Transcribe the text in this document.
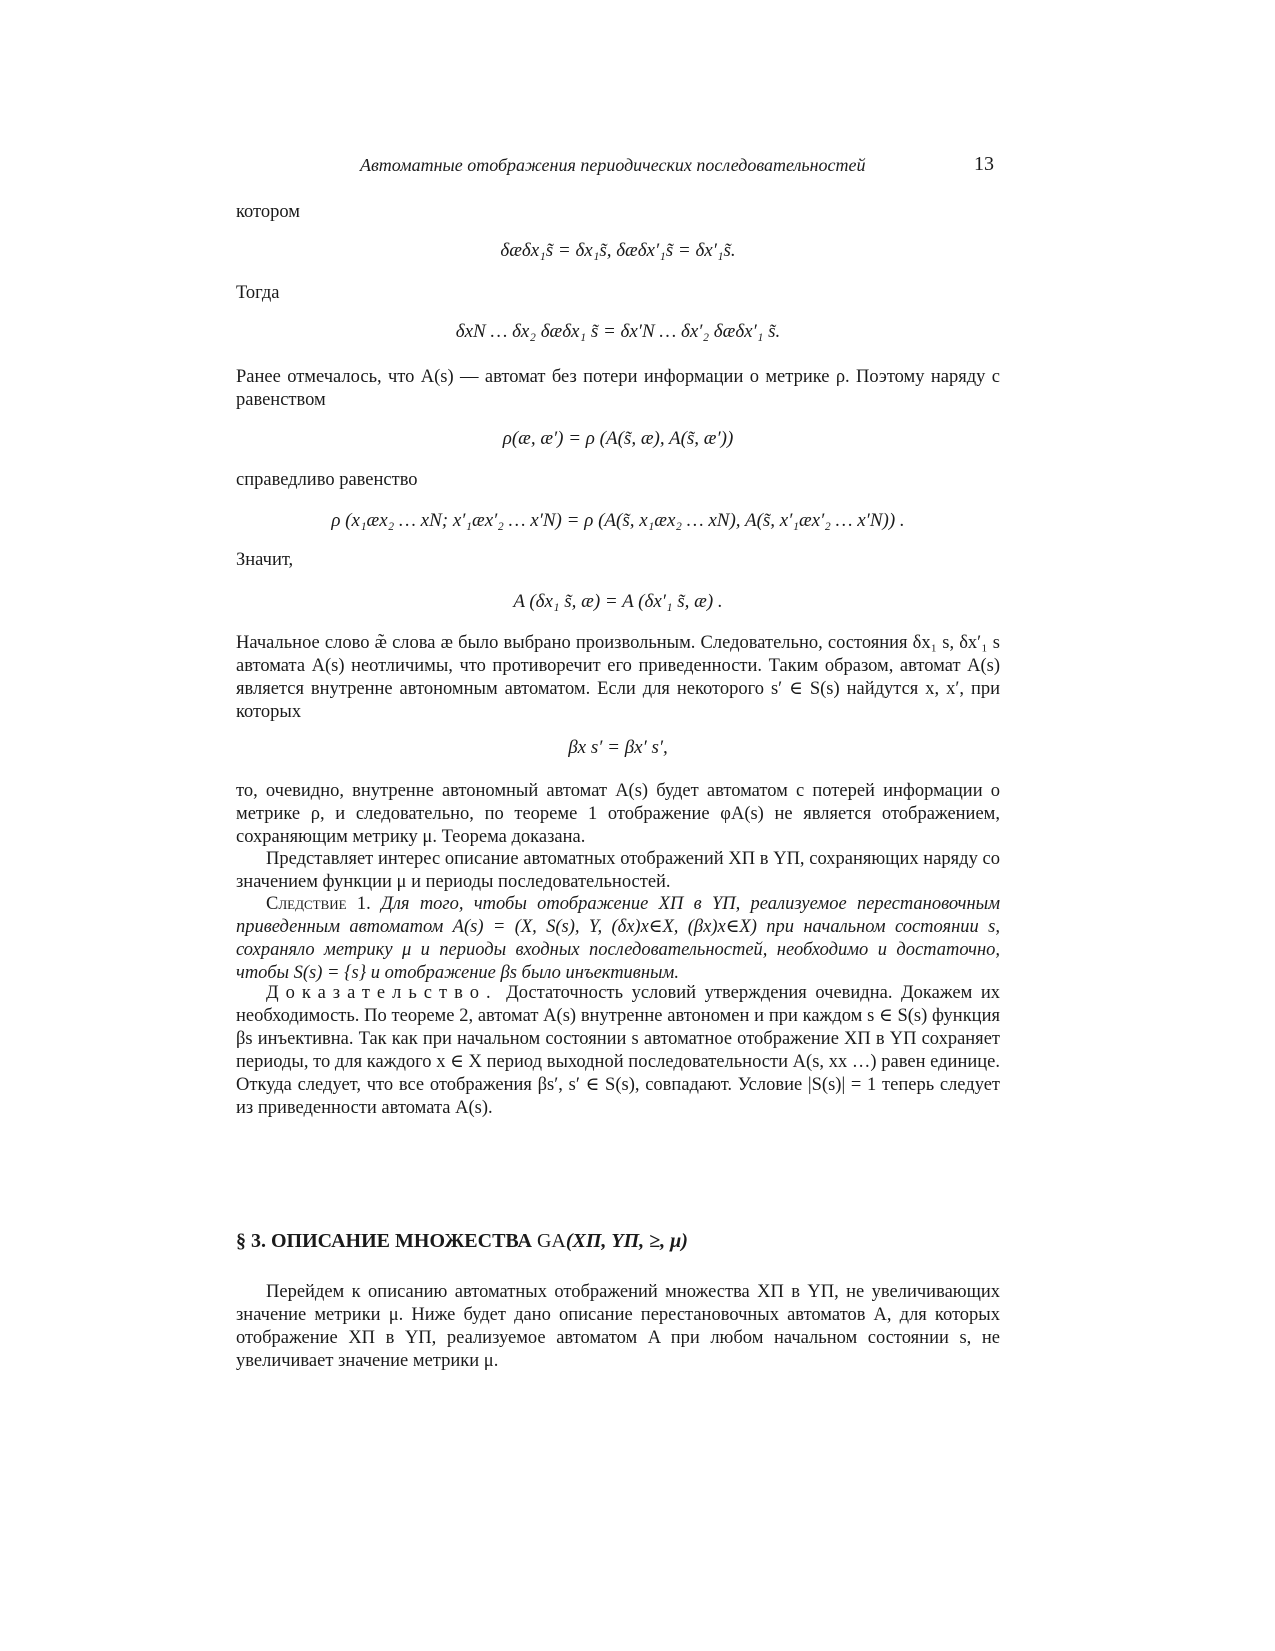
Автоматные отображения периодических последовательностей	13
котором
δæδx₁s̃ = δx₁s̃, δæδx′₁s̃ = δx′₁s̃.
Тогда
δxN … δx₂ δæδx₁ s̃ = δx′N … δx′₂ δæδx′₁ s̃.
Ранее отмечалось, что A(s) — автомат без потери информации о метрике ρ. Поэтому наряду с равенством
ρ(æ, æ′) = ρ (A(s̃, æ), A(s̃, æ′))
справедливо равенство
ρ (x₁æx₂ … xN; x′₁æx′₂ … x′N) = ρ (A(s̃, x₁æx₂ … xN), A(s̃, x′₁æx′₂ … x′N)) .
Значит,
A (δx₁ s̃, æ) = A (δx′₁ s̃, æ) .
Начальное слово æ̃ слова æ было выбрано произвольным. Следовательно, состояния δx₁ s, δx′₁ s автомата A(s) неотличимы, что противоречит его приведенности. Таким образом, автомат A(s) является внутренне автономным автоматом. Если для некоторого s′ ∈ S(s) найдутся x, x′, при которых
βx s′ = βx′ s′,
то, очевидно, внутренне автономный автомат A(s) будет автоматом с потерей информации о метрике ρ, и следовательно, по теореме 1 отображение φA(s) не является отображением, сохраняющим метрику μ. Теорема доказана.
Представляет интерес описание автоматных отображений XΠ в YΠ, сохраняющих наряду со значением функции μ и периоды последовательностей.
Следствие 1. Для того, чтобы отображение XΠ в YΠ, реализуемое перестановочным приведенным автоматом A(s) = (X, S(s), Y, (δx)x∈X, (βx)x∈X) при начальном состоянии s, сохраняло метрику μ и периоды входных последовательностей, необходимо и достаточно, чтобы S(s) = {s} и отображение βs было инъективным.
Доказательство. Достаточность условий утверждения очевидна. Докажем их необходимость. По теореме 2, автомат A(s) внутренне автономен и при каждом s ∈ S(s) функция βs инъективна. Так как при начальном состоянии s автоматное отображение XΠ в YΠ сохраняет периоды, то для каждого x ∈ X период выходной последовательности A(s, xx …) равен единице. Откуда следует, что все отображения βs′, s′ ∈ S(s), совпадают. Условие |S(s)| = 1 теперь следует из приведенности автомата A(s).
§ 3. ОПИСАНИЕ МНОЖЕСТВА GA(XΠ, YΠ, ≥, μ)
Перейдем к описанию автоматных отображений множества XΠ в YΠ, не увеличивающих значение метрики μ. Ниже будет дано описание перестановочных автоматов A, для которых отображение XΠ в YΠ, реализуемое автоматом A при любом начальном состоянии s, не увеличивает значение метрики μ.
